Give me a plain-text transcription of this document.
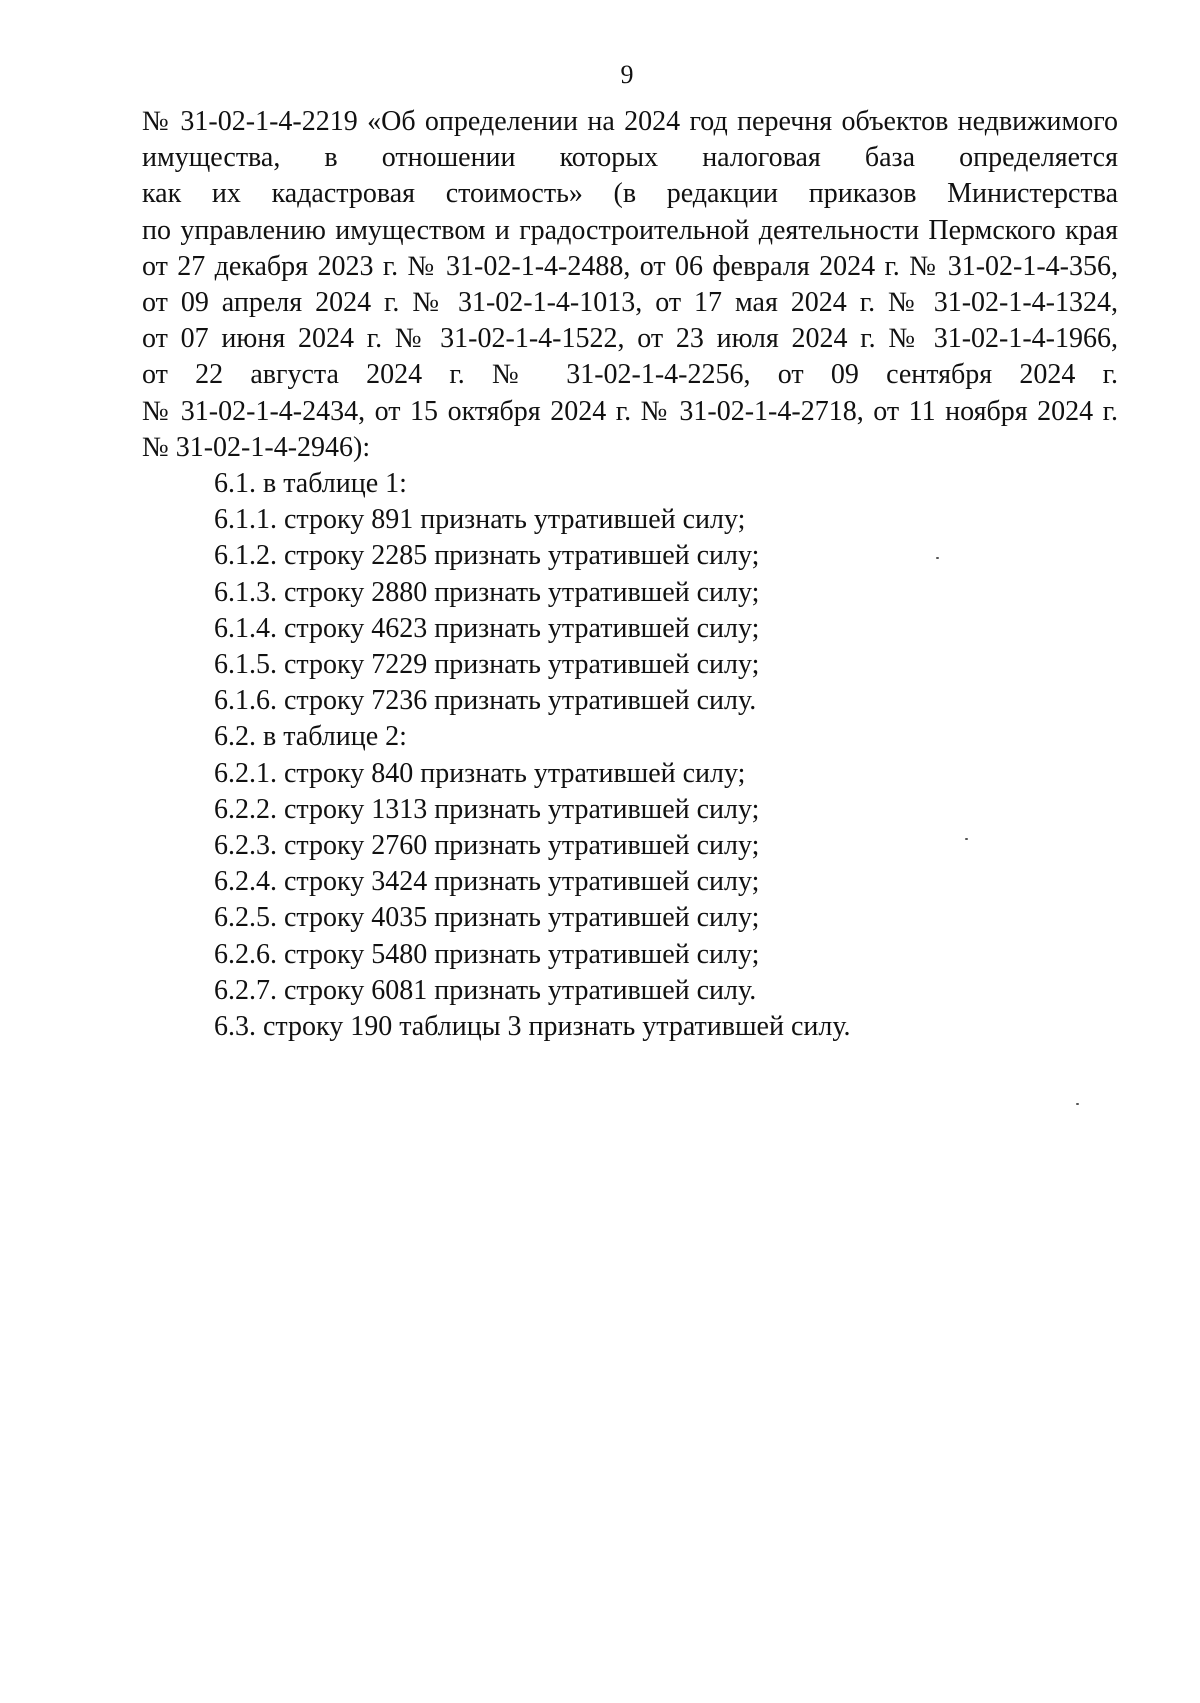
9

№ 31-02-1-4-2219 «Об определении на 2024 год перечня объектов недвижимого
имущества, в отношении которых налоговая база определяется
как их кадастровая стоимость» (в редакции приказов Министерства
по управлению имуществом и градостроительной деятельности Пермского края
от 27 декабря 2023 г. № 31-02-1-4-2488, от 06 февраля 2024 г. № 31-02-1-4-356,
от 09 апреля 2024 г. № 31-02-1-4-1013, от 17 мая 2024 г. № 31-02-1-4-1324,
от 07 июня 2024 г. № 31-02-1-4-1522, от 23 июля 2024 г. № 31-02-1-4-1966,
от 22 августа 2024 г. № 31-02-1-4-2256, от 09 сентября 2024 г.
№ 31-02-1-4-2434, от 15 октября 2024 г. № 31-02-1-4-2718, от 11 ноября 2024 г.
№ 31-02-1-4-2946):

6.1. в таблице 1:
6.1.1. строку 891 признать утратившей силу;
6.1.2. строку 2285 признать утратившей силу;
6.1.3. строку 2880 признать утратившей силу;
6.1.4. строку 4623 признать утратившей силу;
6.1.5. строку 7229 признать утратившей силу;
6.1.6. строку 7236 признать утратившей силу.
6.2. в таблице 2:
6.2.1. строку 840 признать утратившей силу;
6.2.2. строку 1313 признать утратившей силу;
6.2.3. строку 2760 признать утратившей силу;
6.2.4. строку 3424 признать утратившей силу;
6.2.5. строку 4035 признать утратившей силу;
6.2.6. строку 5480 признать утратившей силу;
6.2.7. строку 6081 признать утратившей силу.
6.3. строку 190 таблицы 3 признать утратившей силу.
